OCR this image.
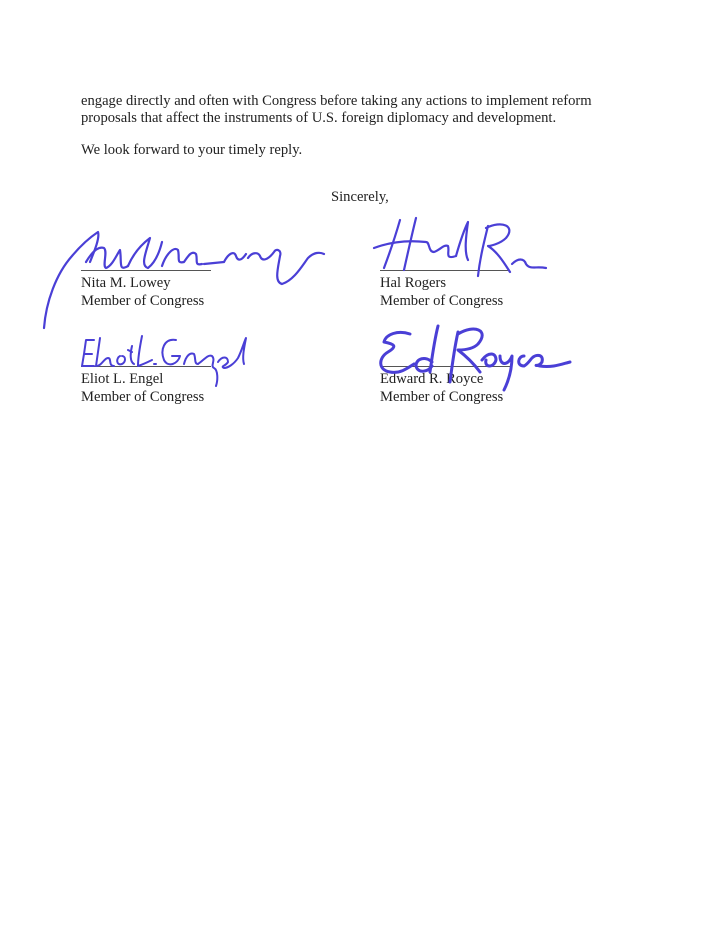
engage directly and often with Congress before taking any actions to implement reform
proposals that affect the instruments of U.S. foreign diplomacy and development.

We look forward to your timely reply.

Sincerely,
Nita M. Lowey
Member of Congress
Hal Rogers
Member of Congress
Eliot L. Engel
Member of Congress
Edward R. Royce
Member of Congress
